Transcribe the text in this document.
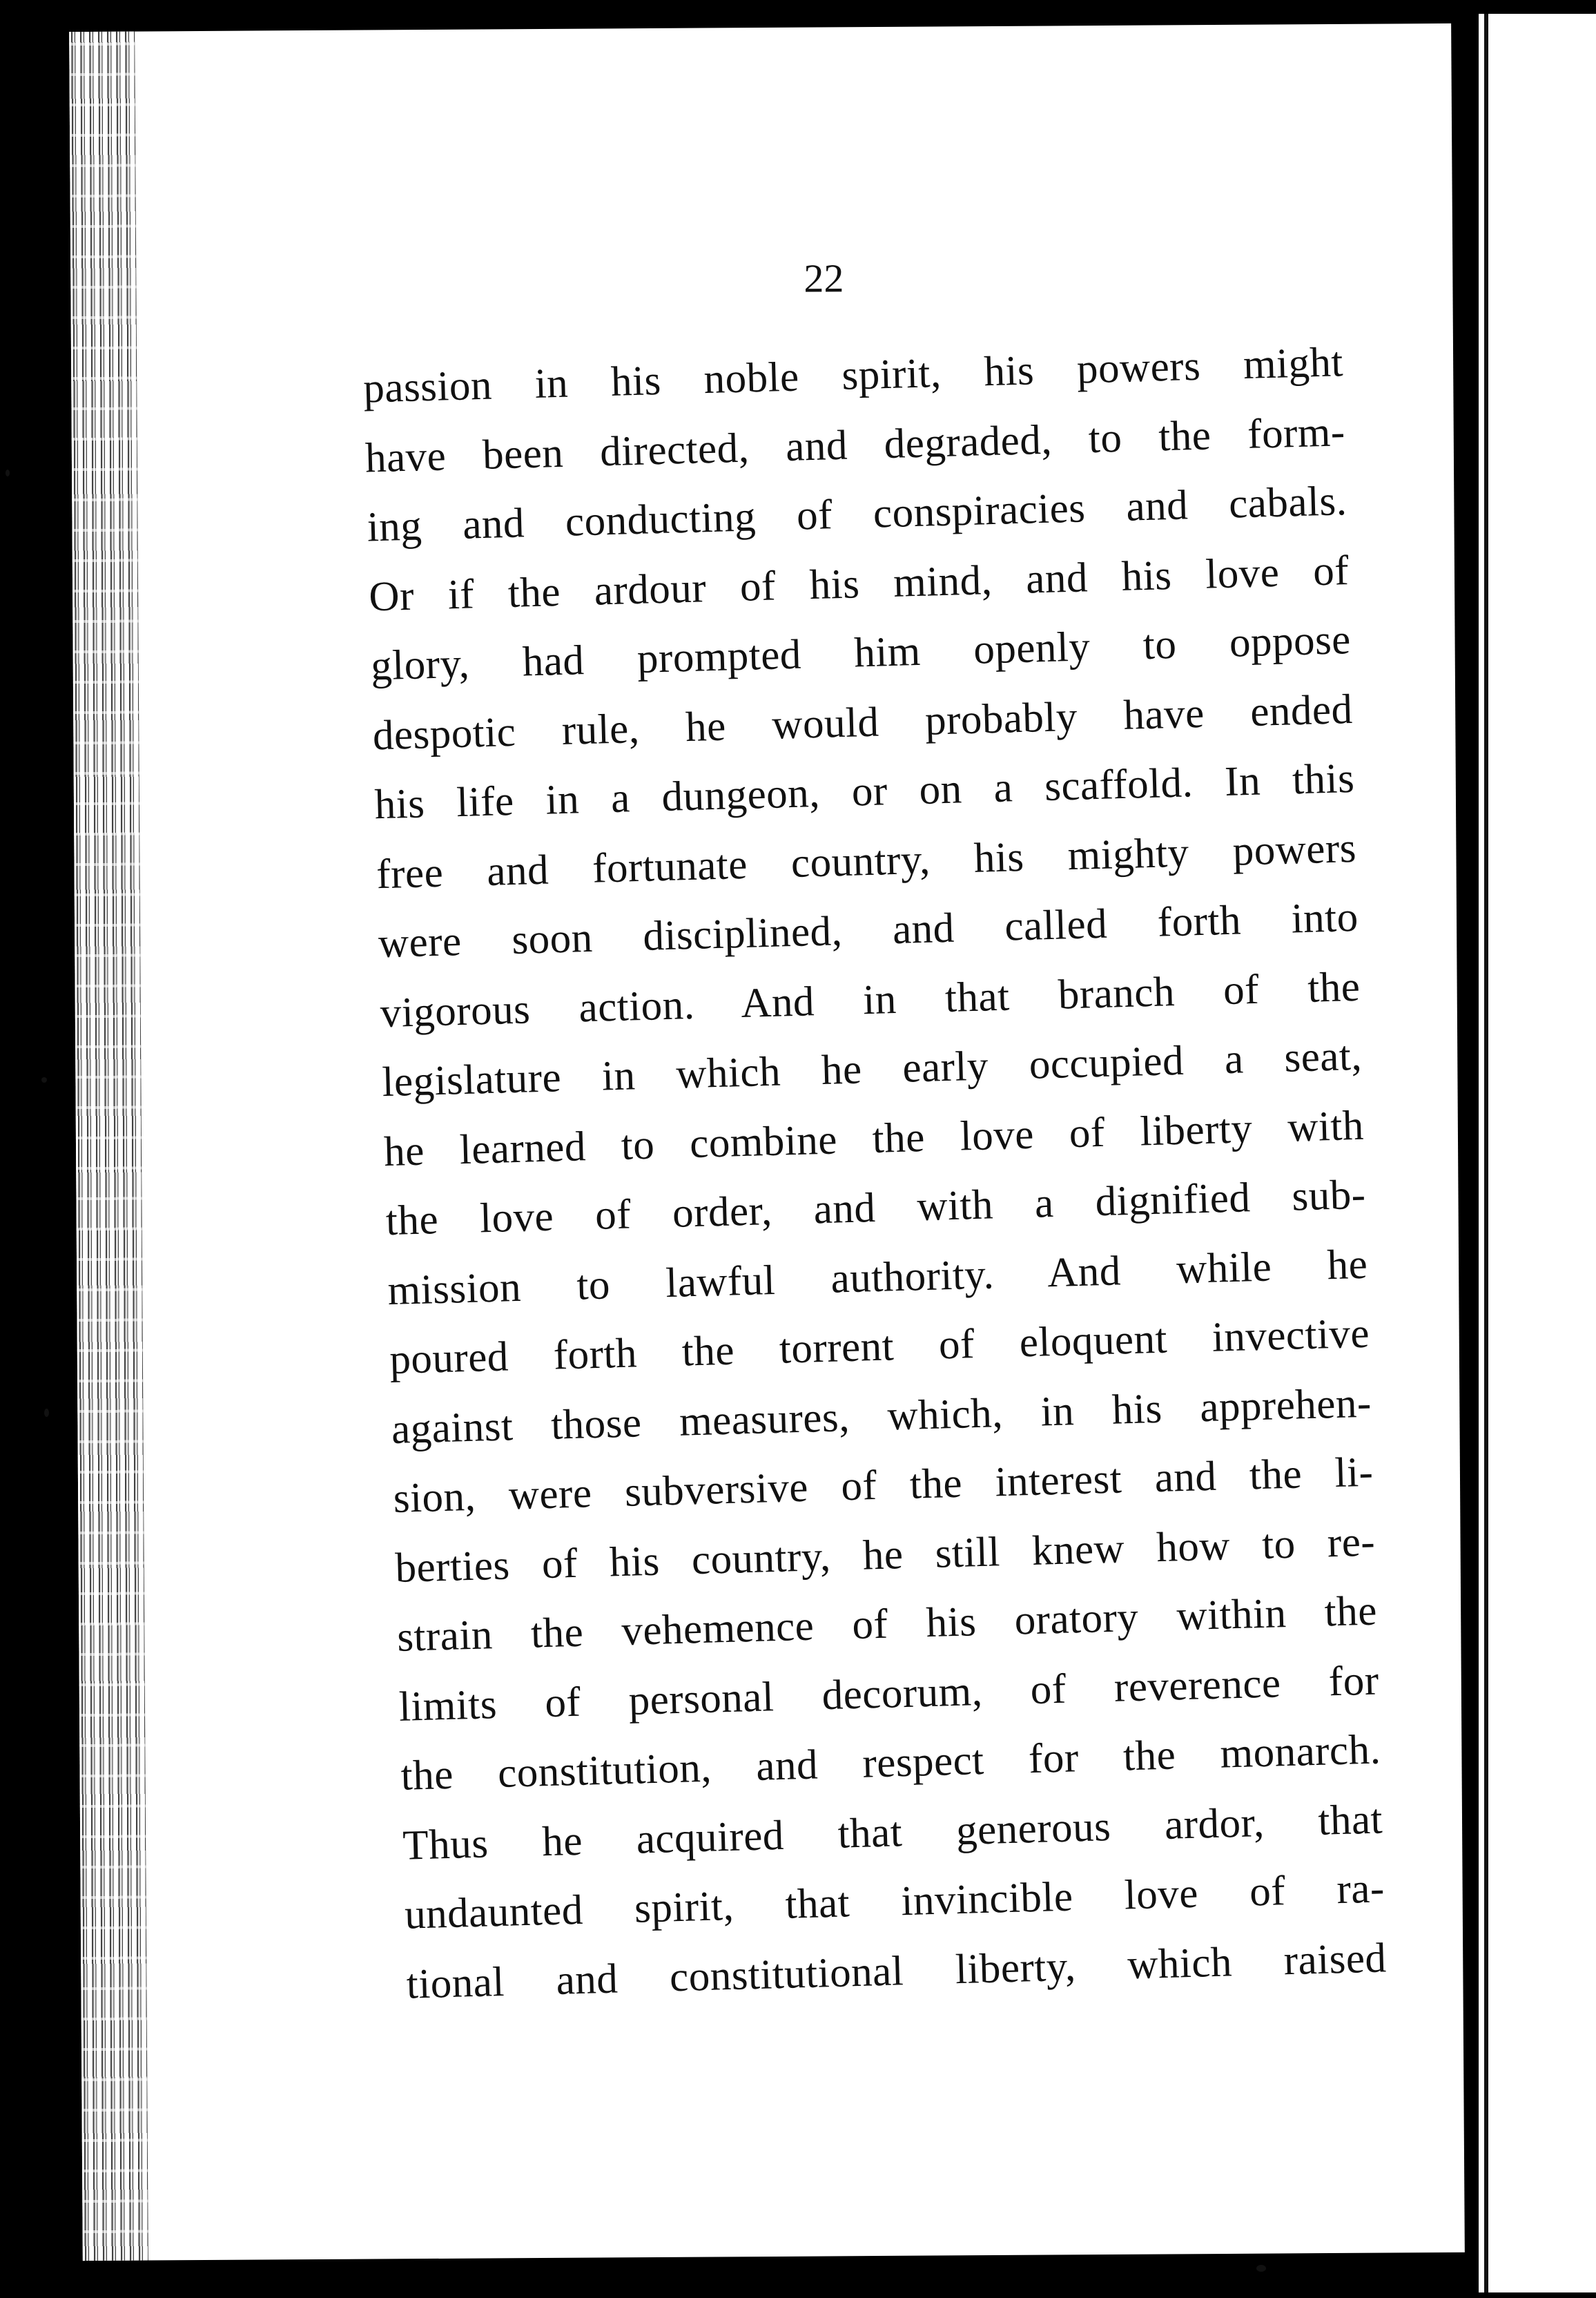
22
passion in his noble spirit, his powers might
have been directed, and degraded, to the form-
ing and conducting of conspiracies and cabals.
Or if the ardour of his mind, and his love of
glory, had prompted him openly to oppose
despotic rule, he would probably have ended
his life in a dungeon, or on a scaffold. In this
free and fortunate country, his mighty powers
were soon disciplined, and called forth into
vigorous action. And in that branch of the
legislature in which he early occupied a seat,
he learned to combine the love of liberty with
the love of order, and with a dignified sub-
mission to lawful authority. And while he
poured forth the torrent of eloquent invective
against those measures, which, in his apprehen-
sion, were subversive of the interest and the li-
berties of his country, he still knew how to re-
strain the vehemence of his oratory within the
limits of personal decorum, of reverence for
the constitution, and respect for the monarch.
Thus he acquired that generous ardor, that
undaunted spirit, that invincible love of ra-
tional and constitutional liberty, which raised
